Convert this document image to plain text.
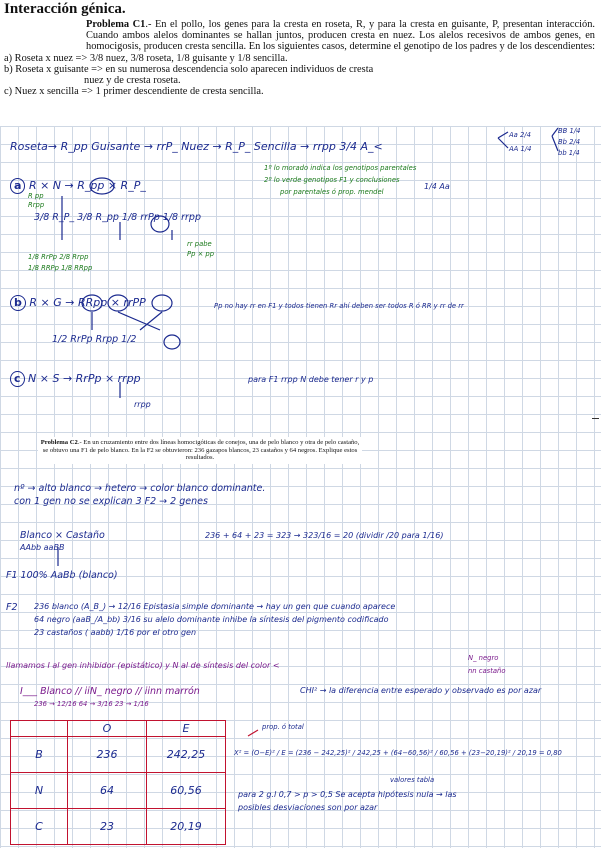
Interacción génica.

Problema C1.- En el pollo, los genes para la cresta en roseta, R, y para la cresta en guisante, P, presentan interacción. Cuando ambos alelos dominantes se hallan juntos, producen cresta en nuez. Los alelos recesivos de ambos genes, en homocigosis, producen cresta sencilla. En los siguientes casos, determine el genotipo de los padres y de los descendientes:

a) Roseta x nuez => 3/8 nuez, 3/8 roseta, 1/8 guisante y 1/8 sencilla.

b) Roseta x guisante => en su numerosa descendencia solo aparecen individuos de cresta

nuez y de cresta roseta.

c) Nuez x sencilla => 1 primer descendiente de cresta sencilla.

Roseta→ R_pp Guisante → rrP_ Nuez → R_P_ Sencilla → rrpp 3/4 A_<
Aa 2/4
AA 1/4
BB 1/4
Bb 2/4
bb 1/4
1º lo morado indica los genotipos parentales
2º lo verde genotipos F1 y conclusiones
por parentales ó prop. mendel
1/4 Aa
a R × N → R_pp × R_P_
R pp
Rrpp
3/8 R_P_ 3/8 R_pp 1/8 rrPp 1/8 rrpp
1/8 RrPp 2/8 Rrpp
1/8 RRPp 1/8 RRpp
rr pabe
Pp × pp
b R × G → RRpp × rrPP	Pp no hay rr en F1 y todos tienen Rr ahí deben ser todos R ó RR y rr de rr
1/2 RrPp Rrpp 1/2
c N × S → RrPp × rrpp	para F1 rrpp N debe tener r y p
rrpp
Problema C2.- En un cruzamiento entre dos líneas homocigóticas de conejos, una de pelo blanco y otra de pelo castaño, se obtuvo una F1 de pelo blanco. En la F2 se obtuvieron: 236 gazapos blancos, 23 castaños y 64 negros. Explique estos resultados.
nº → alto blanco → hetero → color blanco dominante.
con 1 gen no se explican 3 F2 → 2 genes
Blanco × Castaño
AAbb aaBB
236 + 64 + 23 = 323 → 323/16 = 20 (dividir /20 para 1/16)
F1 100% AaBb (blanco)
F2 236 blanco (A_B_) → 12/16 Epistasia simple dominante → hay un gen que cuando aparece
64 negro (aaB_/A_bb) 3/16 su alelo dominante inhibe la síntesis del pigmento codificado
23 castaños ( aabb) 1/16 por el otro gen
llamamos I al gen inhibidor (epistático) y N al de síntesis del color <
N_ negro
nn castaño
I___ Blanco // iiN_ negro // iinn marrón
236 → 12/16 64 → 3/16 23 → 1/16
CHI² → la diferencia entre esperado y observado es por azar
	O	E
B	236	242,25
N	64	60,56
C	23	20,19
prop. ó total
X² = (O−E)² / E = (236 − 242,25)² / 242,25 + (64−60,56)² / 60,56 + (23−20,19)² / 20,19 = 0,80
valores tabla
para 2 g.l 0,7 > p > 0,5 Se acepta hipótesis nula → las
posibles desviaciones son por azar
